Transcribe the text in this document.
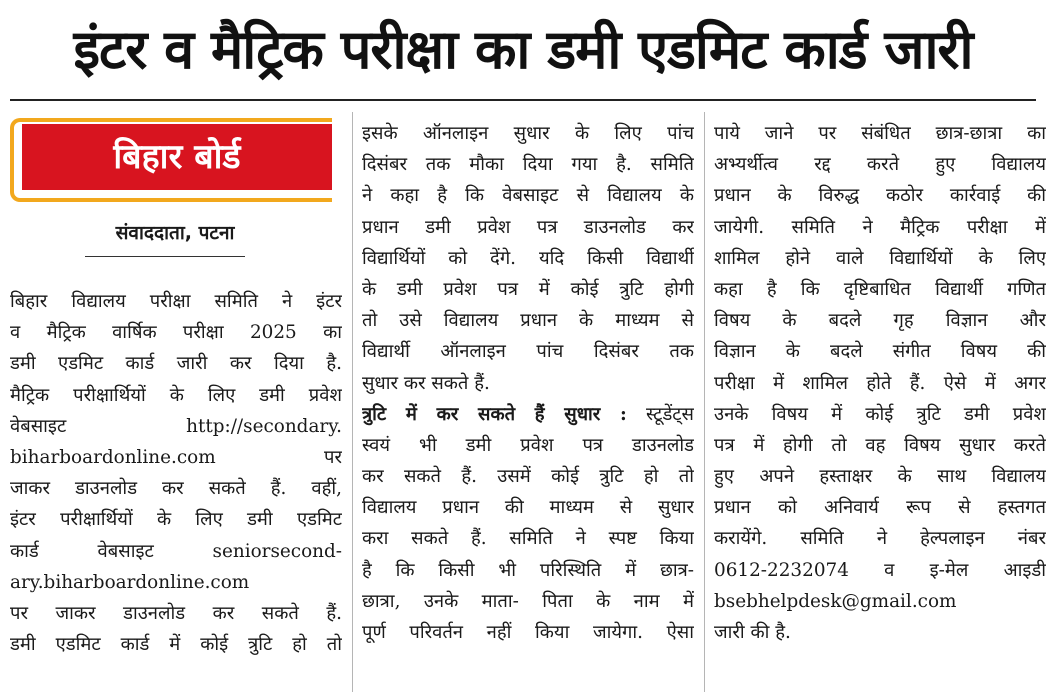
इंटर व मैट्रिक परीक्षा का डमी एडमिट कार्ड जारी
बिहार बोर्ड
संवाददाता, पटना
बिहार विद्यालय परीक्षा समिति ने इंटर
व मैट्रिक वार्षिक परीक्षा 2025 का
डमी एडमिट कार्ड जारी कर दिया है.
मैट्रिक परीक्षार्थियों के लिए डमी प्रवेश
वेबसाइट http://secondary.
biharboardonline.com पर
जाकर डाउनलोड कर सकते हैं. वहीं,
इंटर परीक्षार्थियों के लिए डमी एडमिट
कार्ड वेबसाइट seniorsecond-
ary.biharboardonline.com
पर जाकर डाउनलोड कर सकते हैं.
डमी एडमिट कार्ड में कोई त्रुटि हो तो
इसके ऑनलाइन सुधार के लिए पांच
दिसंबर तक मौका दिया गया है. समिति
ने कहा है कि वेबसाइट से विद्यालय के
प्रधान डमी प्रवेश पत्र डाउनलोड कर
विद्यार्थियों को देंगे. यदि किसी विद्यार्थी
के डमी प्रवेश पत्र में कोई त्रुटि होगी
तो उसे विद्यालय प्रधान के माध्यम से
विद्यार्थी ऑनलाइन पांच दिसंबर तक
सुधार कर सकते हैं.
त्रुटि में कर सकते हैं सुधार : स्टूडेंट्स
स्वयं भी डमी प्रवेश पत्र डाउनलोड
कर सकते हैं. उसमें कोई त्रुटि हो तो
विद्यालय प्रधान की माध्यम से सुधार
करा सकते हैं. समिति ने स्पष्ट किया
है कि किसी भी परिस्थिति में छात्र-
छात्रा, उनके माता- पिता के नाम में
पूर्ण परिवर्तन नहीं किया जायेगा. ऐसा
पाये जाने पर संबंधित छात्र-छात्रा का
अभ्यर्थीत्व रद्द करते हुए विद्यालय
प्रधान के विरुद्ध कठोर कार्रवाई की
जायेगी. समिति ने मैट्रिक परीक्षा में
शामिल होने वाले विद्यार्थियों के लिए
कहा है कि दृष्टिबाधित विद्यार्थी गणित
विषय के बदले गृह विज्ञान और
विज्ञान के बदले संगीत विषय की
परीक्षा में शामिल होते हैं. ऐसे में अगर
उनके विषय में कोई त्रुटि डमी प्रवेश
पत्र में होगी तो वह विषय सुधार करते
हुए अपने हस्ताक्षर के साथ विद्यालय
प्रधान को अनिवार्य रूप से हस्तगत
करायेंगे. समिति ने हेल्पलाइन नंबर
0612-2232074 व इ-मेल आइडी
bsebhelpdesk@gmail.com
जारी की है.
